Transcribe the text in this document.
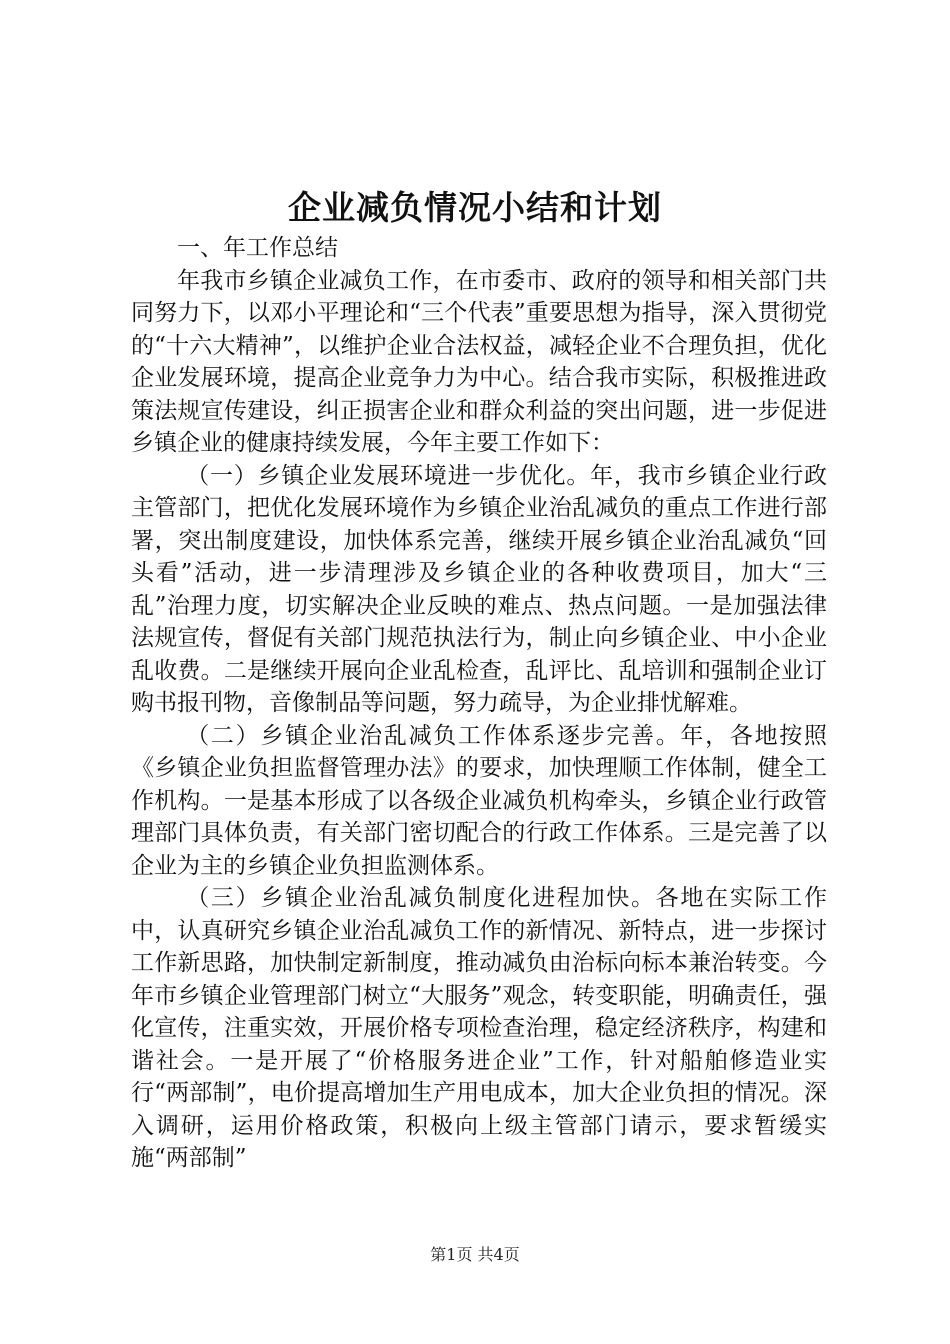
企业减负情况小结和计划

一、年工作总结

年我市乡镇企业减负工作，在市委市、政府的领导和相关部门共同努力下，以邓小平理论和“三个代表”重要思想为指导，深入贯彻党的“十六大精神”，以维护企业合法权益，减轻企业不合理负担，优化企业发展环境，提高企业竞争力为中心。结合我市实际，积极推进政策法规宣传建设，纠正损害企业和群众利益的突出问题，进一步促进乡镇企业的健康持续发展，今年主要工作如下：

（一）乡镇企业发展环境进一步优化。年，我市乡镇企业行政主管部门，把优化发展环境作为乡镇企业治乱减负的重点工作进行部署，突出制度建设，加快体系完善，继续开展乡镇企业治乱减负“回头看”活动，进一步清理涉及乡镇企业的各种收费项目，加大“三乱”治理力度，切实解决企业反映的难点、热点问题。一是加强法律法规宣传，督促有关部门规范执法行为，制止向乡镇企业、中小企业乱收费。二是继续开展向企业乱检查，乱评比、乱培训和强制企业订购书报刊物，音像制品等问题，努力疏导，为企业排忧解难。

（二）乡镇企业治乱减负工作体系逐步完善。年，各地按照《乡镇企业负担监督管理办法》的要求，加快理顺工作体制，健全工作机构。一是基本形成了以各级企业减负机构牵头，乡镇企业行政管理部门具体负责，有关部门密切配合的行政工作体系。三是完善了以企业为主的乡镇企业负担监测体系。

（三）乡镇企业治乱减负制度化进程加快。各地在实际工作中，认真研究乡镇企业治乱减负工作的新情况、新特点，进一步探讨工作新思路，加快制定新制度，推动减负由治标向标本兼治转变。今年市乡镇企业管理部门树立“大服务”观念，转变职能，明确责任，强化宣传，注重实效，开展价格专项检查治理，稳定经济秩序，构建和谐社会。一是开展了“价格服务进企业”工作，针对船舶修造业实行“两部制”，电价提高增加生产用电成本，加大企业负担的情况。深入调研，运用价格政策，积极向上级主管部门请示，要求暂缓实施“两部制”

第1页 共4页
